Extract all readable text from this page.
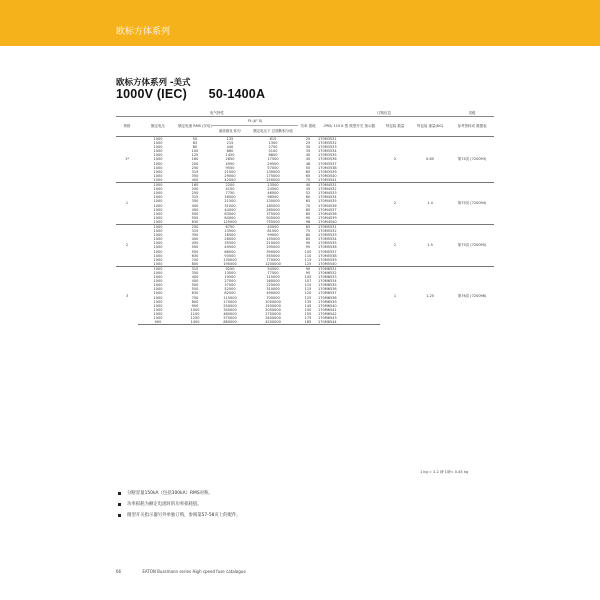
欧标方体系列
欧标方体系列 -美式
1000V (IEC) 50-1400A
电气特性						订购信息			类级
规格	额定电压	额定电流 RMS (安培)	I²t (A² S)		功率 损耗	-PRS/ 115 K 型 微型开关 指示器	每包装 数量	每包装 重量(KG)	参考资料或 数据表
			最高熔化 积分	额定电压下 总熔断积分值					
1*	1000	50	135	815	20	170M3531	2	0.85	第74页 (720093)
	1000	63	215	1300	25	170M3532			
	1000	80	440	2750	30	170M3533			
	1000	100	860	5100	35	170M3534			
	1000	125	1450	8600	40	170M3535			
	1000	160	2850	17500	45	170M3536			
	1000	200	4950	29500	48	170M3537			
	1000	250	9550	57000	50	170M3538			
	1000	315	21500	130000	60	170M3539			
	1000	350	29000	175000	65	170M3540			
	1000	400	42000	250000	70	170M3541			
1	1000	160	2200	13500	40	170M4531	2	1.4	第75页 (720094)
	1000	200	4150	24500	45	170M4532			
	1000	250	7750	46000	52	170M4533			
	1000	315	16500	98500	60	170M4534			
	1000	350	21500	130000	65	170M4535			
	1000	400	31000	185000	70	170M4536			
	1000	450	44000	265000	80	170M4537			
	1000	500	63000	375000	85	170M4538			
	1000	550	84000	505000	90	170M4539			
	1000	630	125000	755000	98	170M4540			
2	1000	250	6750	40000	65	170M5531	2	1.5	第75页 (720095)
	1000	315	13500	81500	75	170M5532			
	1000	350	16500	99000	80	170M5533			
	1000	400	26000	155000	85	170M5534			
	1000	450	35500	210000	90	170M5535			
	1000	500	49500	295000	95	170M5536			
	1000	550	66000	390000	100	170M5537			
	1000	630	93500	555000	110	170M5538			
	1000	700	130000	770000	115	170M5539			
	1000	800	195000	1200000	125	170M5540			
3	1000	315	9200	54500	90	170M6531	1	1.25	第76页 (720096)
	1000	350	13000	77500	95	170M6532			
	1000	400	19500	115000	105	170M6533			
	1000	450	27000	160000	107	170M6534			
	1000	500	37500	225000	110	170M6535			
	1000	550	52000	310000	115	170M6536			
	1000	630	82500	490000	120	170M6537			
	1000	700	115000	700000	125	170M6538			
	1000	800	170000	1050000	135	170M6539			
	1000	900	250000	1500000	145	170M6540			
	1000	1000	340000	2050000	150	170M6541			
	1000	1100	460000	2750000	155	170M6542			
	1000	1250	575000	3400000	175	170M6543			
	900	1400	880000	4200000	185	170M6544			
1 kg = 2.2 磅 1磅= 0.45 kg
分断容量150kA（包括300kA）RMS对称。
功率损耗为额定电流时的功率损耗值。
微型开关指示器另外单独订购，参阅第57-58页上的配件。
66	EATON Bussmann series High speed fuse catalogue
